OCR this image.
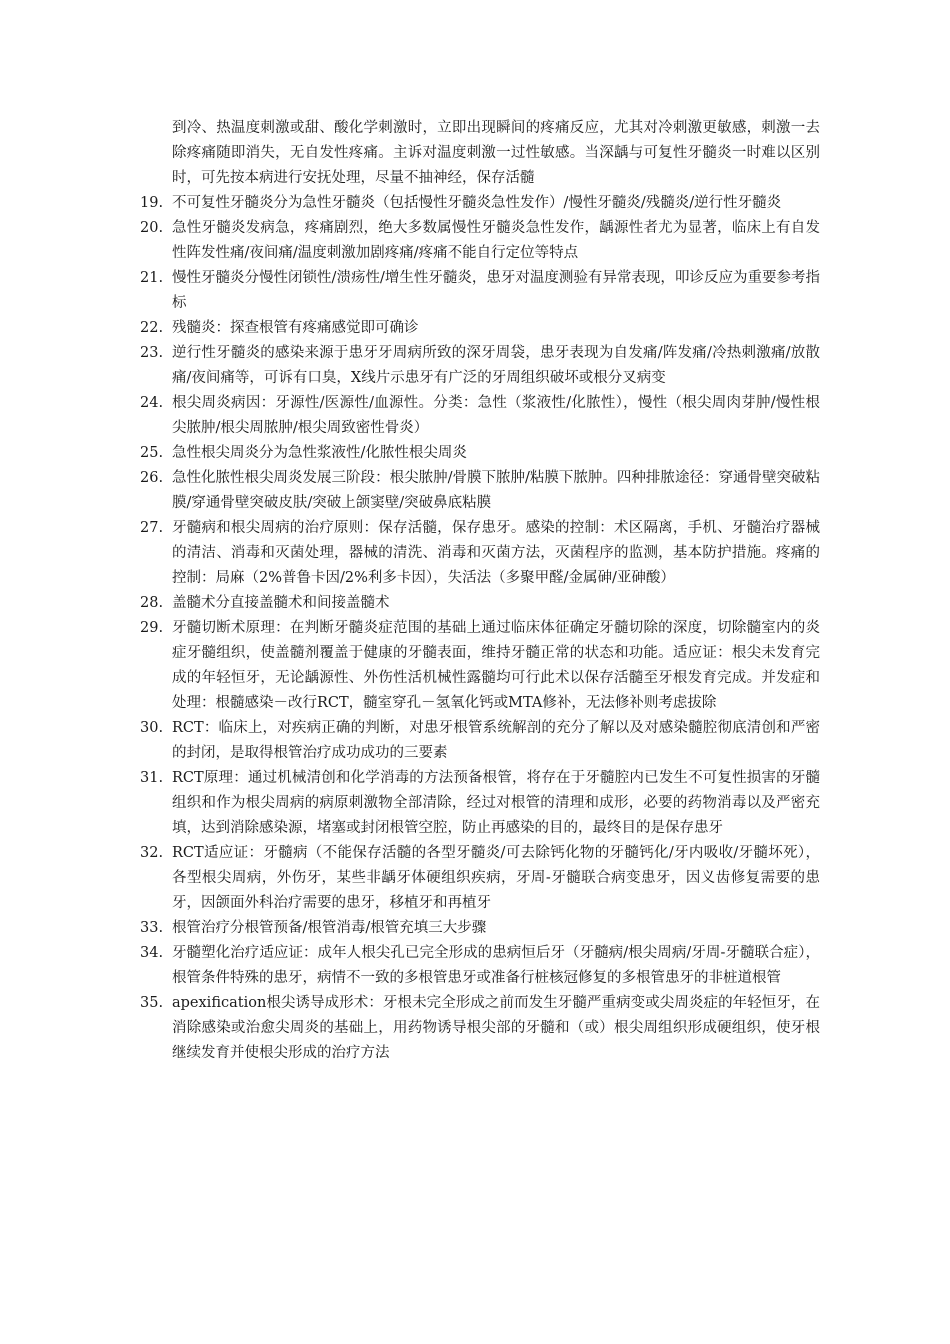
到冷、热温度刺激或甜、酸化学刺激时，立即出现瞬间的疼痛反应，尤其对冷刺激更敏感，刺激一去除疼痛随即消失，无自发性疼痛。主诉对温度刺激一过性敏感。当深龋与可复性牙髓炎一时难以区别时，可先按本病进行安抚处理，尽量不抽神经，保存活髓

19. 不可复性牙髓炎分为急性牙髓炎（包括慢性牙髓炎急性发作）/慢性牙髓炎/残髓炎/逆行性牙髓炎
20. 急性牙髓炎发病急，疼痛剧烈，绝大多数属慢性牙髓炎急性发作，龋源性者尤为显著，临床上有自发性阵发性痛/夜间痛/温度刺激加剧疼痛/疼痛不能自行定位等特点
21. 慢性牙髓炎分慢性闭锁性/溃疡性/增生性牙髓炎，患牙对温度测验有异常表现，叩诊反应为重要参考指标
22. 残髓炎：探查根管有疼痛感觉即可确诊
23. 逆行性牙髓炎的感染来源于患牙牙周病所致的深牙周袋，患牙表现为自发痛/阵发痛/冷热刺激痛/放散痛/夜间痛等，可诉有口臭，X线片示患牙有广泛的牙周组织破坏或根分叉病变
24. 根尖周炎病因：牙源性/医源性/血源性。分类：急性（浆液性/化脓性），慢性（根尖周肉芽肿/慢性根尖脓肿/根尖周脓肿/根尖周致密性骨炎）
25. 急性根尖周炎分为急性浆液性/化脓性根尖周炎
26. 急性化脓性根尖周炎发展三阶段：根尖脓肿/骨膜下脓肿/粘膜下脓肿。四种排脓途径：穿通骨壁突破粘膜/穿通骨壁突破皮肤/突破上颌窦壁/突破鼻底粘膜
27. 牙髓病和根尖周病的治疗原则：保存活髓，保存患牙。感染的控制：术区隔离，手机、牙髓治疗器械的清洁、消毒和灭菌处理，器械的清洗、消毒和灭菌方法，灭菌程序的监测，基本防护措施。疼痛的控制：局麻（2%普鲁卡因/2%利多卡因），失活法（多聚甲醛/金属砷/亚砷酸）
28. 盖髓术分直接盖髓术和间接盖髓术
29. 牙髓切断术原理：在判断牙髓炎症范围的基础上通过临床体征确定牙髓切除的深度，切除髓室内的炎症牙髓组织，使盖髓剂覆盖于健康的牙髓表面，维持牙髓正常的状态和功能。适应证：根尖未发育完成的年轻恒牙，无论龋源性、外伤性活机械性露髓均可行此术以保存活髓至牙根发育完成。并发症和处理：根髓感染－改行RCT，髓室穿孔－氢氧化钙或MTA修补，无法修补则考虑拔除
30. RCT：临床上，对疾病正确的判断，对患牙根管系统解剖的充分了解以及对感染髓腔彻底清创和严密的封闭，是取得根管治疗成功成功的三要素
31. RCT原理：通过机械清创和化学消毒的方法预备根管，将存在于牙髓腔内已发生不可复性损害的牙髓组织和作为根尖周病的病原刺激物全部清除，经过对根管的清理和成形，必要的药物消毒以及严密充填，达到消除感染源，堵塞或封闭根管空腔，防止再感染的目的，最终目的是保存患牙
32. RCT适应证：牙髓病（不能保存活髓的各型牙髓炎/可去除钙化物的牙髓钙化/牙内吸收/牙髓坏死），各型根尖周病，外伤牙，某些非龋牙体硬组织疾病，牙周-牙髓联合病变患牙，因义齿修复需要的患牙，因颌面外科治疗需要的患牙，移植牙和再植牙
33. 根管治疗分根管预备/根管消毒/根管充填三大步骤
34. 牙髓塑化治疗适应证：成年人根尖孔已完全形成的患病恒后牙（牙髓病/根尖周病/牙周-牙髓联合症），根管条件特殊的患牙，病情不一致的多根管患牙或准备行桩核冠修复的多根管患牙的非桩道根管
35. apexification根尖诱导成形术：牙根未完全形成之前而发生牙髓严重病变或尖周炎症的年轻恒牙，在消除感染或治愈尖周炎的基础上，用药物诱导根尖部的牙髓和（或）根尖周组织形成硬组织，使牙根继续发育并使根尖形成的治疗方法
